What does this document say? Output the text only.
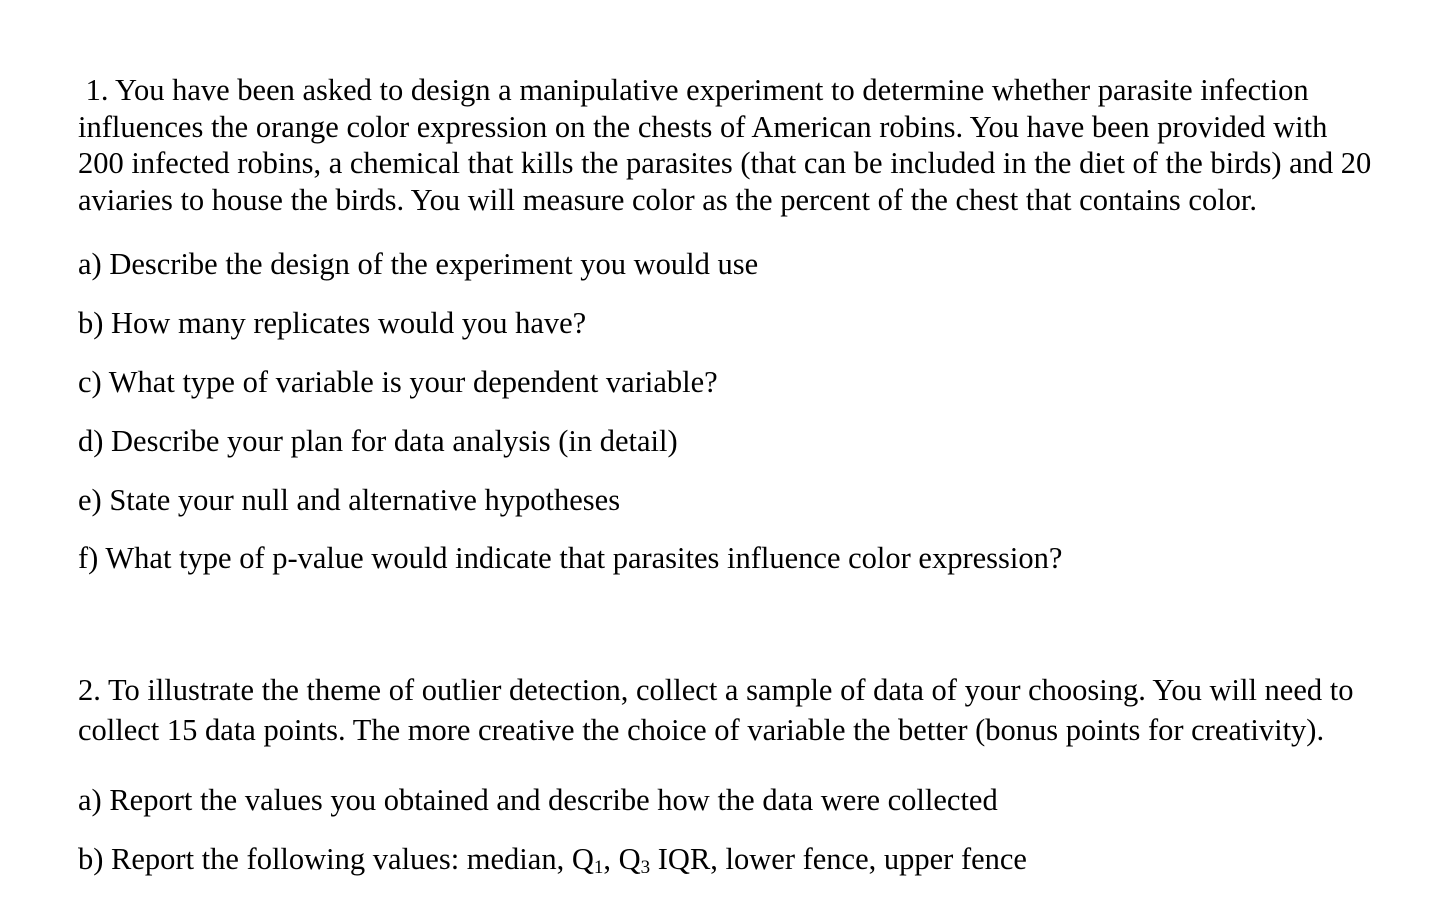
1. You have been asked to design a manipulative experiment to determine whether parasite infection
influences the orange color expression on the chests of American robins. You have been provided with
200 infected robins, a chemical that kills the parasites (that can be included in the diet of the birds) and 20
aviaries to house the birds. You will measure color as the percent of the chest that contains color.

a) Describe the design of the experiment you would use

b) How many replicates would you have?

c) What type of variable is your dependent variable?

d) Describe your plan for data analysis (in detail)

e) State your null and alternative hypotheses

f) What type of p-value would indicate that parasites influence color expression?

2. To illustrate the theme of outlier detection, collect a sample of data of your choosing. You will need to
collect 15 data points. The more creative the choice of variable the better (bonus points for creativity).

a) Report the values you obtained and describe how the data were collected

b) Report the following values: median, $Q_1$, $Q_3$ IQR, lower fence, upper fence
